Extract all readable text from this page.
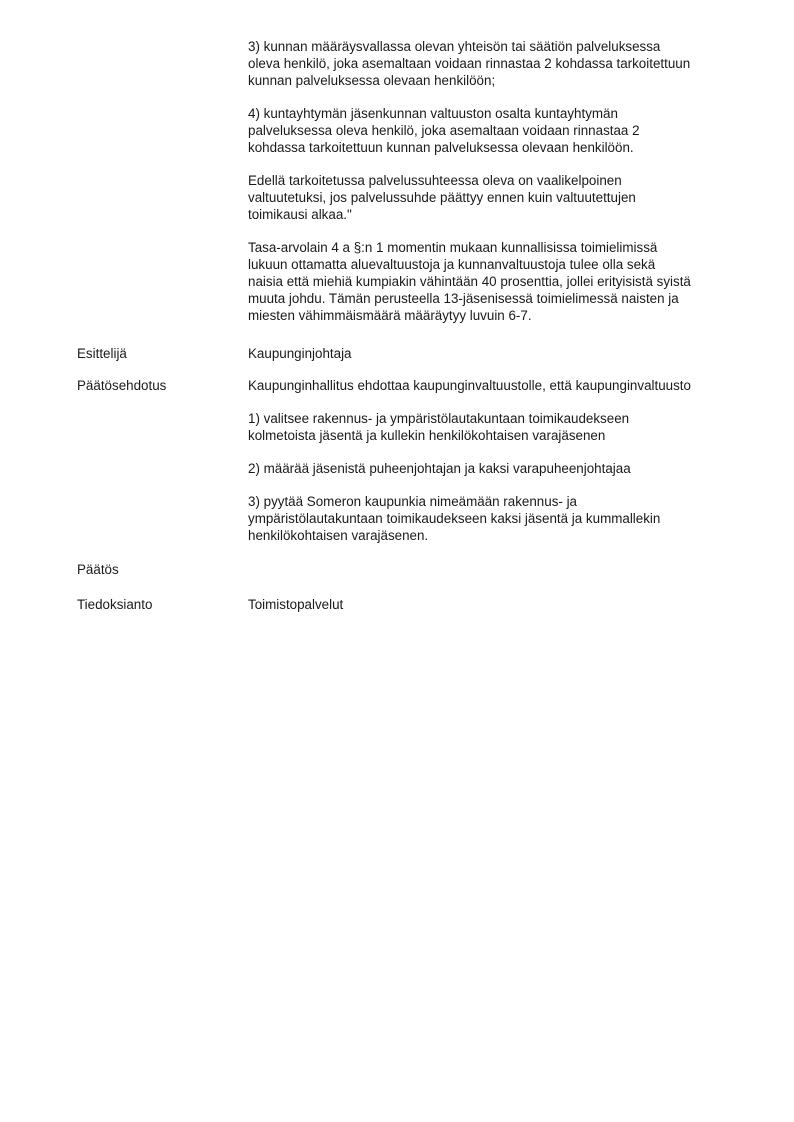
3) kunnan määräysvallassa olevan yhteisön tai säätiön palveluksessa
oleva henkilö, joka asemaltaan voidaan rinnastaa 2 kohdassa tarkoitettuun
kunnan palveluksessa olevaan henkilöön;
4) kuntayhtymän jäsenkunnan valtuuston osalta kuntayhtymän
palveluksessa oleva henkilö, joka asemaltaan voidaan rinnastaa 2
kohdassa tarkoitettuun kunnan palveluksessa olevaan henkilöön.
Edellä tarkoitetussa palvelussuhteessa oleva on vaalikelpoinen
valtuutetuksi, jos palvelussuhde päättyy ennen kuin valtuutettujen
toimikausi alkaa."
Tasa-arvolain 4 a §:n 1 momentin mukaan kunnallisissa toimielimissä
lukuun ottamatta aluevaltuustoja ja kunnanvaltuustoja tulee olla sekä
naisia että miehiä kumpiakin vähintään 40 prosenttia, jollei erityisistä syistä
muuta johdu. Tämän perusteella 13-jäsenisessä toimielimessä naisten ja
miesten vähimmäismäärä määräytyy luvuin 6-7.
Esittelijä	Kaupunginjohtaja
Päätösehdotus	Kaupunginhallitus ehdottaa kaupunginvaltuustolle, että kaupunginvaltuusto
1) valitsee rakennus- ja ympäristölautakuntaan toimikaudekseen
kolmetoista jäsentä ja kullekin henkilökohtaisen varajäsenen
2) määrää jäsenistä puheenjohtajan ja kaksi varapuheenjohtajaa
3) pyytää Someron kaupunkia nimeämään rakennus- ja
ympäristölautakuntaan toimikaudekseen kaksi jäsentä ja kummallekin
henkilökohtaisen varajäsenen.
Päätös
Tiedoksianto	Toimistopalvelut
